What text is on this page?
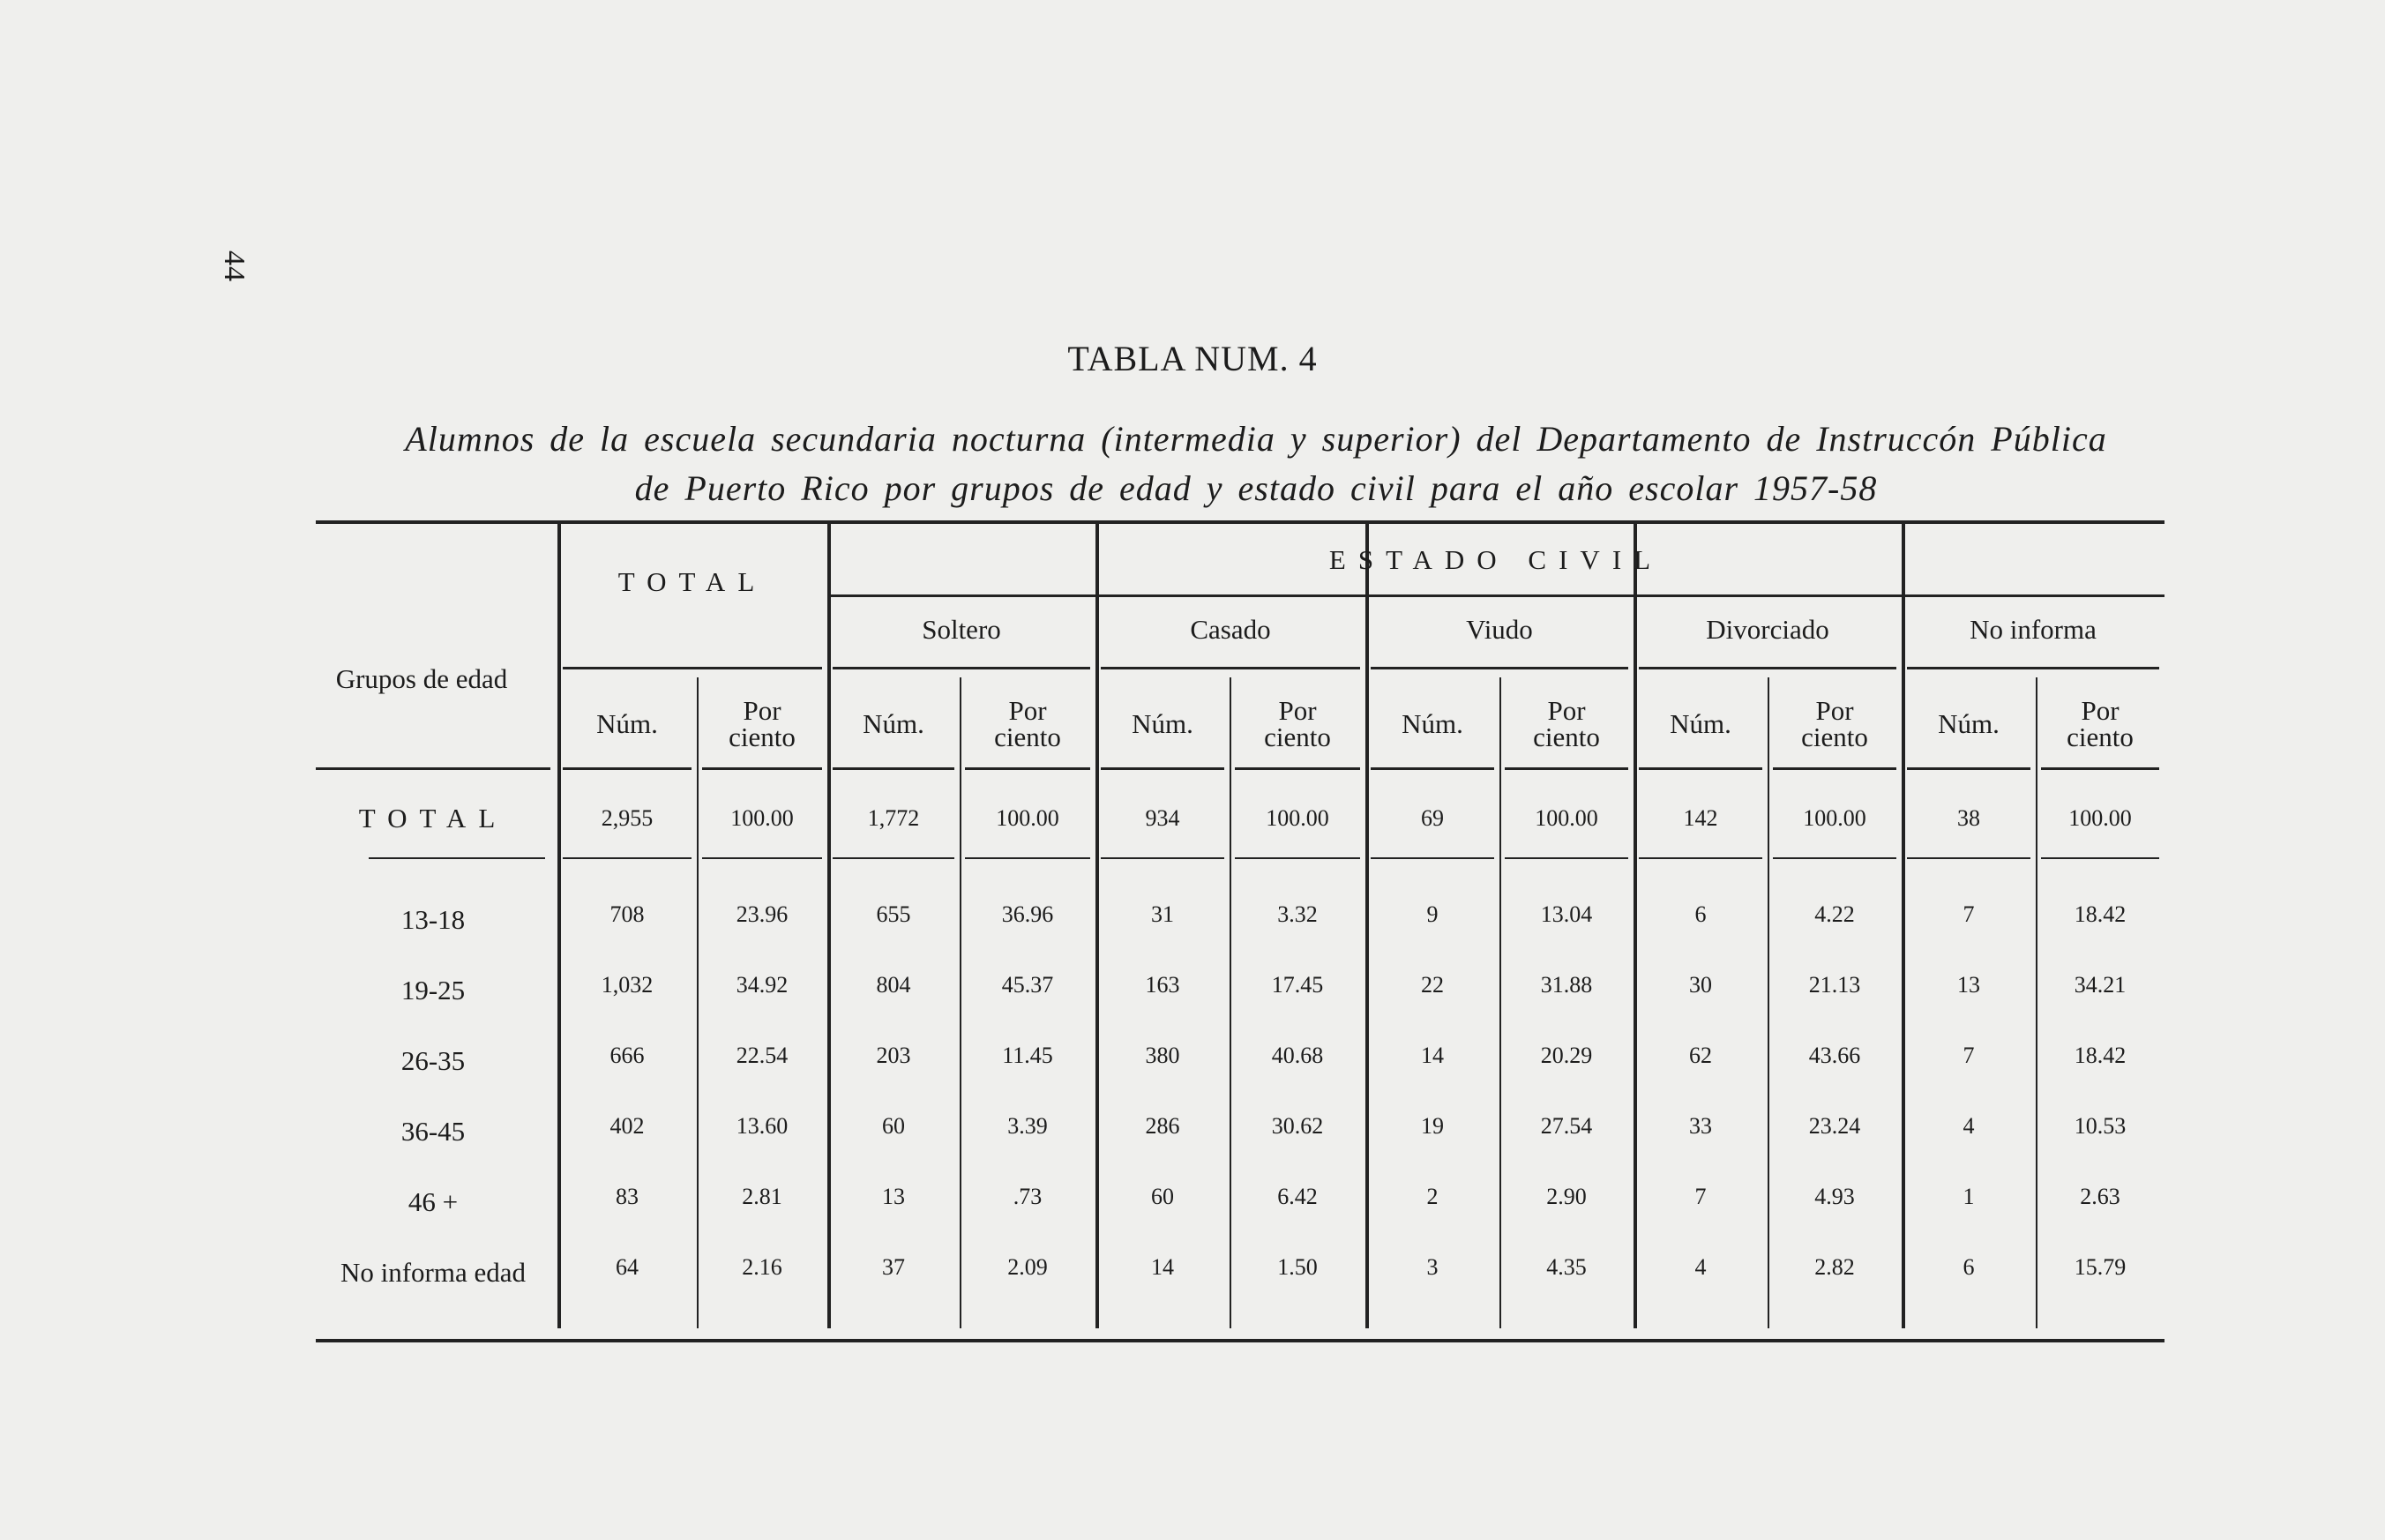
44
TABLA NUM. 4
Alumnos de la escuela secundaria nocturna (intermedia y superior) del Departamento de Instruccón Pública
de Puerto Rico por grupos de edad y estado civil para el año escolar 1957-58
Grupos de edad
TOTAL
ESTADO CIVIL
Soltero	Casado	Viudo	Divorciado	No informa
Núm.	Por ciento	Núm.	Por ciento	Núm.	Por ciento	Núm.	Por ciento	Núm.	Por ciento	Núm.	Por ciento
TOTAL	2,955	100.00	1,772	100.00	934	100.00	69	100.00	142	100.00	38	100.00
13-18	708	23.96	655	36.96	31	3.32	9	13.04	6	4.22	7	18.42
19-25	1,032	34.92	804	45.37	163	17.45	22	31.88	30	21.13	13	34.21
26-35	666	22.54	203	11.45	380	40.68	14	20.29	62	43.66	7	18.42
36-45	402	13.60	60	3.39	286	30.62	19	27.54	33	23.24	4	10.53
46 +	83	2.81	13	.73	60	6.42	2	2.90	7	4.93	1	2.63
No informa edad	64	2.16	37	2.09	14	1.50	3	4.35	4	2.82	6	15.79
